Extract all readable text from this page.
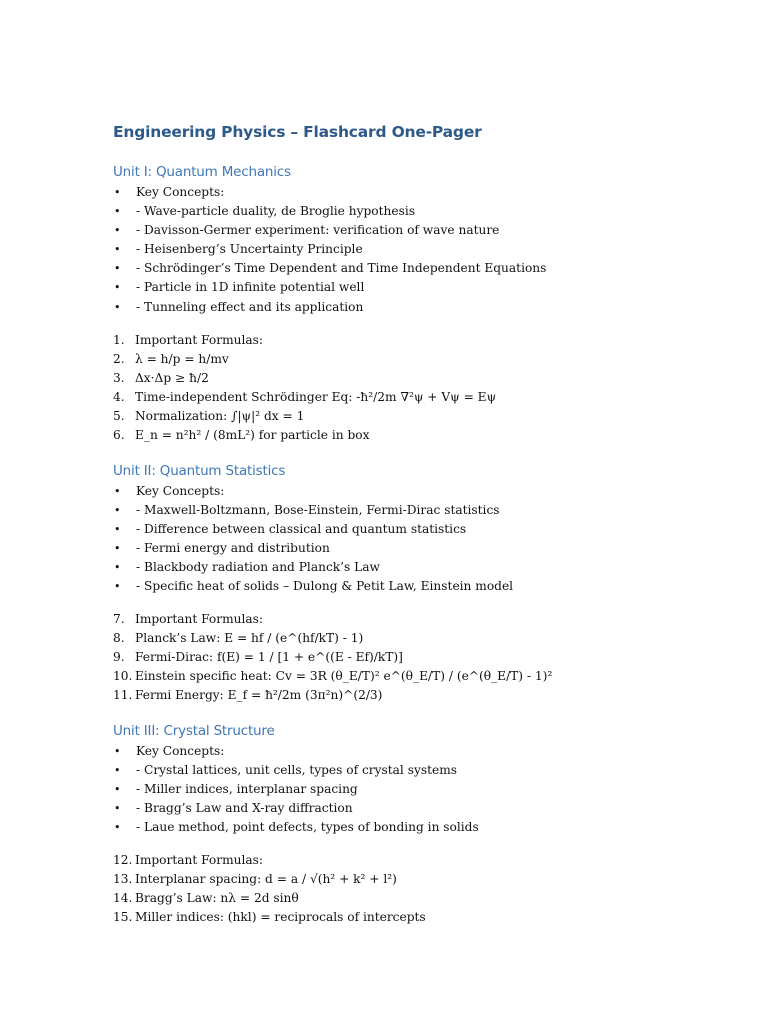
Engineering Physics – Flashcard One-Pager
Unit I: Quantum Mechanics
• Key Concepts:
• - Wave-particle duality, de Broglie hypothesis
• - Davisson-Germer experiment: verification of wave nature
• - Heisenberg’s Uncertainty Principle
• - Schrödinger’s Time Dependent and Time Independent Equations
• - Particle in 1D infinite potential well
• - Tunneling effect and its application
1. Important Formulas:
2. λ = h/p = h/mv
3. Δx·Δp ≥ ħ/2
4. Time-independent Schrödinger Eq: -ħ²/2m ∇²ψ + Vψ = Eψ
5. Normalization: ∫|ψ|² dx = 1
6. E_n = n²h² / (8mL²) for particle in box
Unit II: Quantum Statistics
• Key Concepts:
• - Maxwell-Boltzmann, Bose-Einstein, Fermi-Dirac statistics
• - Difference between classical and quantum statistics
• - Fermi energy and distribution
• - Blackbody radiation and Planck’s Law
• - Specific heat of solids – Dulong & Petit Law, Einstein model
7. Important Formulas:
8. Planck’s Law: E = hf / (e^(hf/kT) - 1)
9. Fermi-Dirac: f(E) = 1 / [1 + e^((E - Ef)/kT)]
10. Einstein specific heat: Cv = 3R (θ_E/T)² e^(θ_E/T) / (e^(θ_E/T) - 1)²
11. Fermi Energy: E_f = ħ²/2m (3π²n)^(2/3)
Unit III: Crystal Structure
• Key Concepts:
• - Crystal lattices, unit cells, types of crystal systems
• - Miller indices, interplanar spacing
• - Bragg’s Law and X-ray diffraction
• - Laue method, point defects, types of bonding in solids
12. Important Formulas:
13. Interplanar spacing: d = a / √(h² + k² + l²)
14. Bragg’s Law: nλ = 2d sinθ
15. Miller indices: (hkl) = reciprocals of intercepts
